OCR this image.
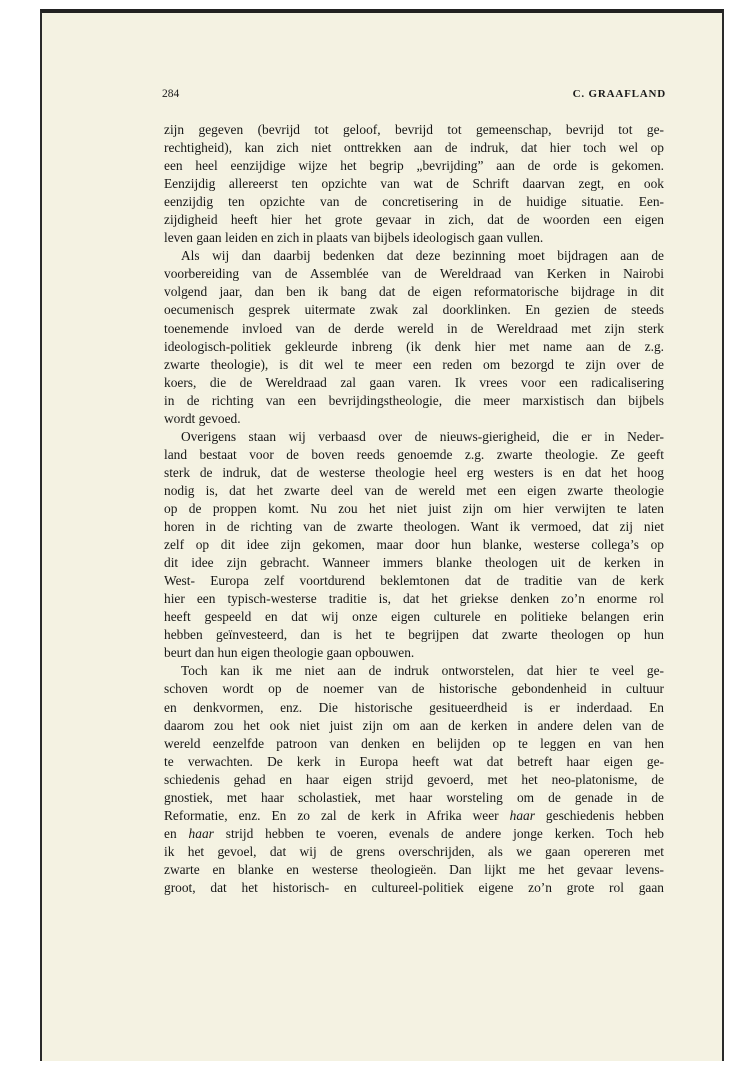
284	C. GRAAFLAND

zijn gegeven (bevrijd tot geloof, bevrijd tot gemeenschap, bevrijd tot ge-

rechtigheid), kan zich niet onttrekken aan de indruk, dat hier toch wel op

een heel eenzijdige wijze het begrip „bevrijding” aan de orde is gekomen.

Eenzijdig allereerst ten opzichte van wat de Schrift daarvan zegt, en ook

eenzijdig ten opzichte van de concretisering in de huidige situatie. Een-

zijdigheid heeft hier het grote gevaar in zich, dat de woorden een eigen

leven gaan leiden en zich in plaats van bijbels ideologisch gaan vullen.

Als wij dan daarbij bedenken dat deze bezinning moet bijdragen aan de

voorbereiding van de Assemblée van de Wereldraad van Kerken in Nairobi

volgend jaar, dan ben ik bang dat de eigen reformatorische bijdrage in dit

oecumenisch gesprek uitermate zwak zal doorklinken. En gezien de steeds

toenemende invloed van de derde wereld in de Wereldraad met zijn sterk

ideologisch-politiek gekleurde inbreng (ik denk hier met name aan de z.g.

zwarte theologie), is dit wel te meer een reden om bezorgd te zijn over de

koers, die de Wereldraad zal gaan varen. Ik vrees voor een radicalisering

in de richting van een bevrijdingstheologie, die meer marxistisch dan bijbels

wordt gevoed.

Overigens staan wij verbaasd over de nieuws-gierigheid, die er in Neder-

land bestaat voor de boven reeds genoemde z.g. zwarte theologie. Ze geeft

sterk de indruk, dat de westerse theologie heel erg westers is en dat het hoog

nodig is, dat het zwarte deel van de wereld met een eigen zwarte theologie

op de proppen komt. Nu zou het niet juist zijn om hier verwijten te laten

horen in de richting van de zwarte theologen. Want ik vermoed, dat zij niet

zelf op dit idee zijn gekomen, maar door hun blanke, westerse collega’s op

dit idee zijn gebracht. Wanneer immers blanke theologen uit de kerken in

West- Europa zelf voortdurend beklemtonen dat de traditie van de kerk

hier een typisch-westerse traditie is, dat het griekse denken zo’n enorme rol

heeft gespeeld en dat wij onze eigen culturele en politieke belangen erin

hebben geïnvesteerd, dan is het te begrijpen dat zwarte theologen op hun

beurt dan hun eigen theologie gaan opbouwen.

Toch kan ik me niet aan de indruk ontworstelen, dat hier te veel ge-

schoven wordt op de noemer van de historische gebondenheid in cultuur

en denkvormen, enz. Die historische gesitueerdheid is er inderdaad. En

daarom zou het ook niet juist zijn om aan de kerken in andere delen van de

wereld eenzelfde patroon van denken en belijden op te leggen en van hen

te verwachten. De kerk in Europa heeft wat dat betreft haar eigen ge-

schiedenis gehad en haar eigen strijd gevoerd, met het neo-platonisme, de

gnostiek, met haar scholastiek, met haar worsteling om de genade in de

Reformatie, enz. En zo zal de kerk in Afrika weer haar geschiedenis hebben

en haar strijd hebben te voeren, evenals de andere jonge kerken. Toch heb

ik het gevoel, dat wij de grens overschrijden, als we gaan opereren met

zwarte en blanke en westerse theologieën. Dan lijkt me het gevaar levens-

groot, dat het historisch- en cultureel-politiek eigene zo’n grote rol gaan
